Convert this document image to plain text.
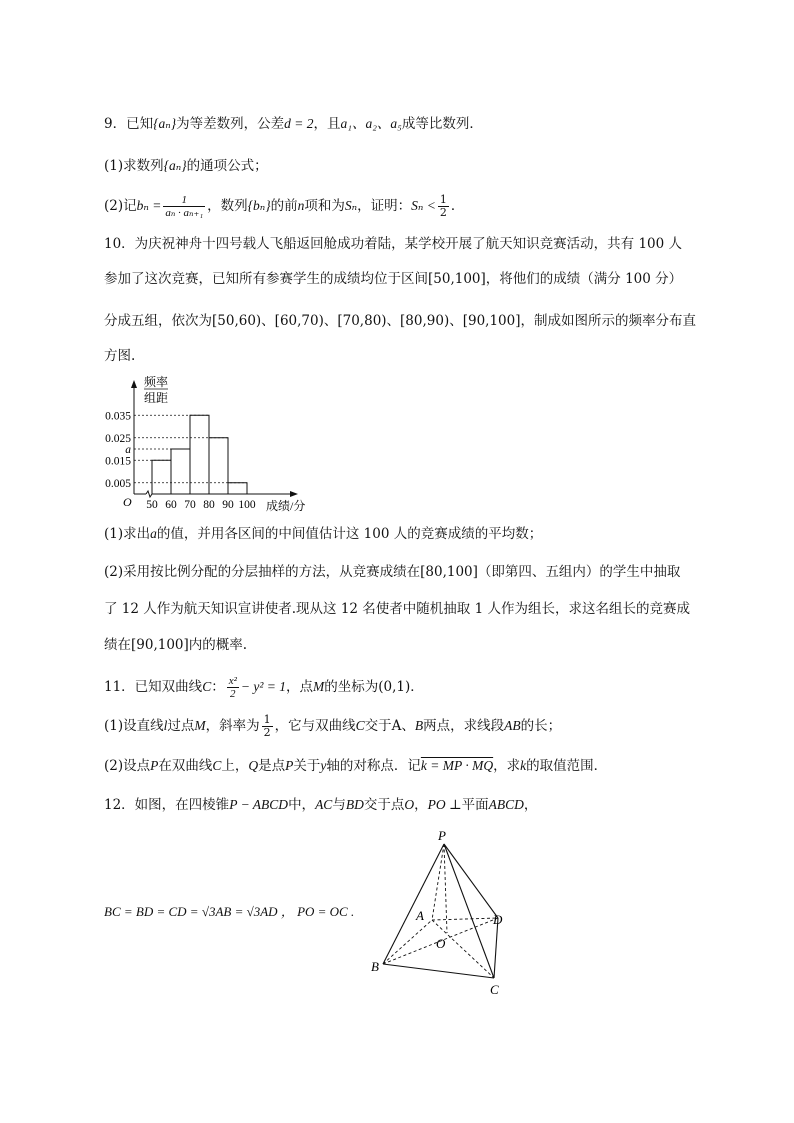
9．已知{aₙ}为等差数列，公差d = 2，且a₁、a₂、a₅成等比数列．
(1)求数列{aₙ}的通项公式；
(2)记$b_n = \frac{1}{\text{aₙ · aₙ₊₁}}$ ，数列{bₙ}的前n项和为Sₙ，证明：$S_n < \frac{1}{2}$ ．
10．为庆祝神舟十四号载人飞船返回舱成功着陆，某学校开展了航天知识竞赛活动，共有 100 人
参加了这次竞赛，已知所有参赛学生的成绩均位于区间[50,100]，将他们的成绩（满分 100 分）
分成五组，依次为[50,60)、[60,70)、[70,80)、[80,90)、[90,100]，制成如图所示的频率分布直
方图.
频率
组距
0.035
0.025
a
0.015
0.005
50 60 70 80 90 100
O	成绩/分
(1)求出a的值，并用各区间的中间值估计这 100 人的竞赛成绩的平均数；
(2)采用按比例分配的分层抽样的方法，从竞赛成绩在[80,100]（即第四、五组内）的学生中抽取
了 12 人作为航天知识宣讲使者.现从这 12 名使者中随机抽取 1 人作为组长，求这名组长的竞赛成
绩在[90,100]内的概率.
11．已知双曲线C： $\frac{\text{x²}}{2} - y^2 = 1$，点M的坐标为(0,1)．
(1)设直线l过点M，斜率为 $\frac{1}{2}$ ，它与双曲线C交于A、B两点，求线段AB的长；
(2)设点P在双曲线C上，Q是点P关于y轴的对称点．记k = MP · MQ，求k的取值范围．
12．如图，在四棱锥P − ABCD中，AC与BD交于点O，PO ⊥平面ABCD，
BC = BD = CD = √3AB = √3AD ， PO = OC .
P
A	D
O
B
C
